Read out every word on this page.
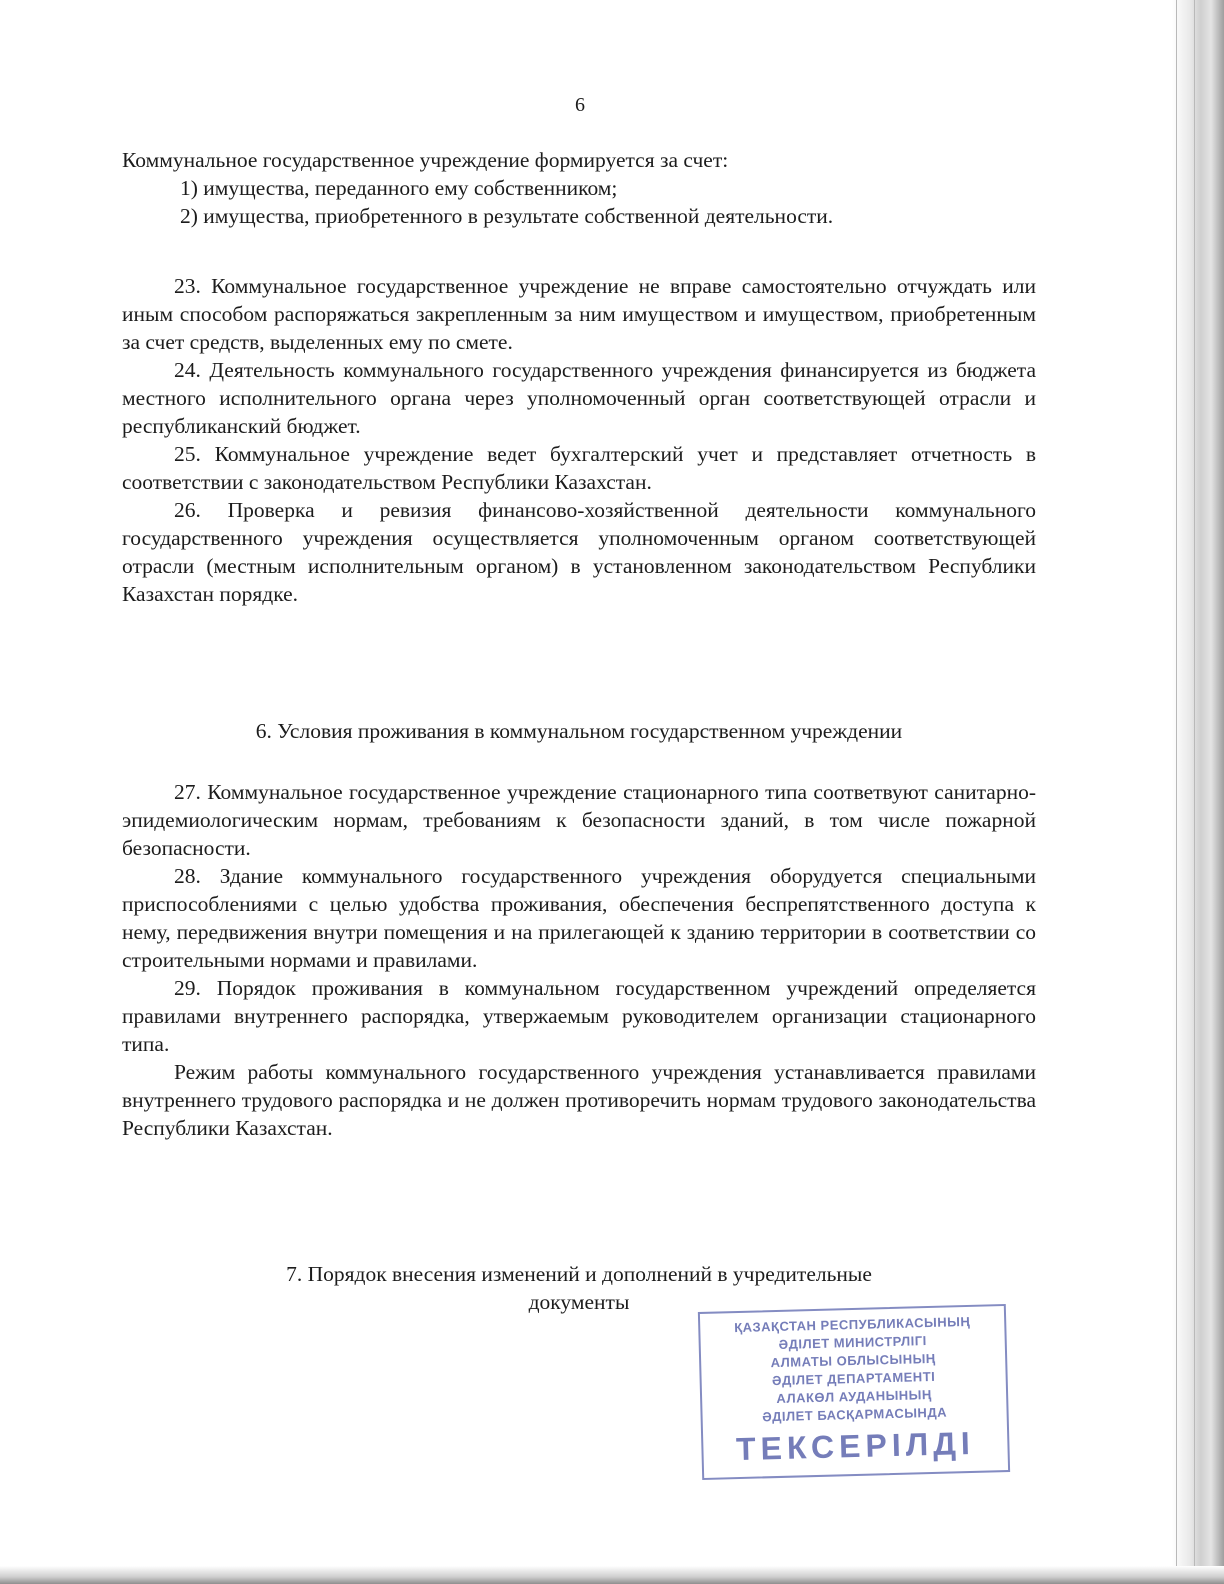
6

Коммунальное государственное учреждение формируется за счет:

1) имущества, переданного ему собственником;

2) имущества, приобретенного в результате собственной деятельности.

23. Коммунальное государственное учреждение не вправе самостоятельно отчуждать или иным способом распоряжаться закрепленным за ним имуществом и имуществом, приобретенным за счет средств, выделенных ему по смете.

24. Деятельность коммунального государственного учреждения финансируется из бюджета местного исполнительного органа через уполномоченный орган соответствующей отрасли и республиканский бюджет.

25. Коммунальное учреждение ведет бухгалтерский учет и представляет отчетность в соответствии с законодательством Республики Казахстан.

26. Проверка и ревизия финансово-хозяйственной деятельности коммунального государственного учреждения осуществляется уполномоченным органом соответствующей отрасли (местным исполнительным органом) в установленном законодательством Республики Казахстан порядке.

6. Условия проживания в коммунальном государственном учреждении

27. Коммунальное государственное учреждение стационарного типа соответвуют санитарно-эпидемиологическим нормам, требованиям к безопасности зданий, в том числе пожарной безопасности.

28. Здание коммунального государственного учреждения оборудуется специальными приспособлениями с целью удобства проживания, обеспечения беспрепятственного доступа к нему, передвижения внутри помещения и на прилегающей к зданию территории в соответствии со строительными нормами и правилами.

29. Порядок проживания в коммунальном государственном учреждений определяется правилами внутреннего распорядка, утвержаемым руководителем организации стационарного типа.

Режим работы коммунального государственного учреждения устанавливается правилами внутреннего трудового распорядка и не должен противоречить нормам трудового законодательства Республики Казахстан.

7. Порядок внесения изменений и дополнений в учредительные
документы
ҚАЗАҚСТАН РЕСПУБЛИКАСЫНЫҢ
ӘДІЛЕТ МИНИСТРЛІГІ
АЛМАТЫ ОБЛЫСЫНЫҢ
ӘДІЛЕТ ДЕПАРТАМЕНТІ
АЛАКӨЛ АУДАНЫНЫҢ
ӘДІЛЕТ БАСҚАРМАСЫНДА
ТЕКСЕРІЛДІ
